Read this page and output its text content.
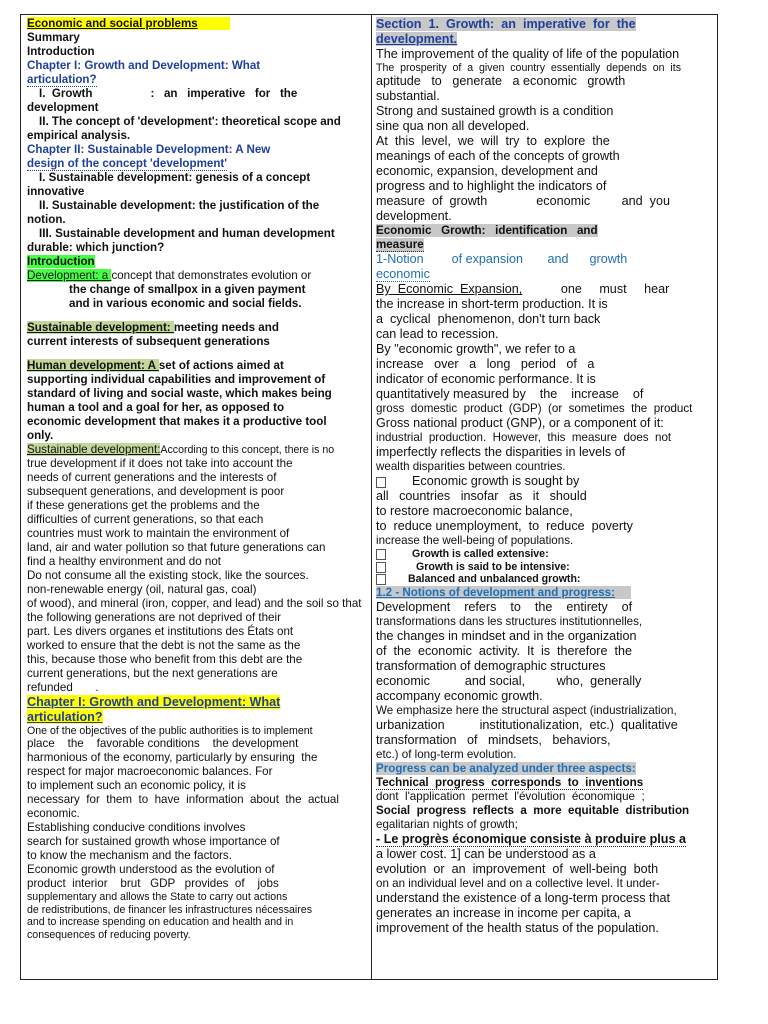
Economic and social problems

Summary

Introduction

Chapter I: Growth and Development: What

articulation?

I.  Growth	:   an   imperative   for   the

development

II. The concept of 'development': theoretical scope and

empirical analysis.

Chapter II: Sustainable Development: A New

design of the concept 'development'

I. Sustainable development: genesis of a concept

innovative

II. Sustainable development: the justification of the

notion.

III. Sustainable development and human development

durable: which junction?

Introduction

Development: a concept that demonstrates evolution or

the change of smallpox in a given payment

and in various economic and social fields.

Sustainable development: meeting needs and

current interests of subsequent generations

Human development: A set of actions aimed at

supporting individual capabilities and improvement of

standard of living and social waste, which makes being

human a tool and a goal for her, as opposed to

economic development that makes it a productive tool

only.

Sustainable development:According to this concept, there is no

true development if it does not take into account the

needs of current generations and the interests of

subsequent generations, and development is poor

if these generations get the problems and the

difficulties of current generations, so that each

countries must work to maintain the environment of

land, air and water pollution so that future generations can

find a healthy environment and do not

Do not consume all the existing stock, like the sources.

non-renewable energy (oil, natural gas, coal)

of wood), and mineral (iron, copper, and lead) and the soil so that

the following generations are not deprived of their

part. Les divers organes et institutions des États ont

worked to ensure that the debt is not the same as the

this, because those who benefit from this debt are the

current generations, but the next generations are

refunded       .

Chapter I: Growth and Development: What

articulation?

One of the objectives of the public authorities is to implement

place    the    favorable conditions    the development

harmonious of the economy, particularly by ensuring  the

respect for major macroeconomic balances. For

to implement such an economic policy, it is

necessary  for  them  to  have  information  about  the  actual

economic.

Establishing conducive conditions involves

search for sustained growth whose importance of

to know the mechanism and the factors.

Economic growth understood as the evolution of

product  interior    brut   GDP   provides  of    jobs

supplementary and allows the State to carry out actions

de redistributions, de financer les infrastructures nécessaires

and to increase spending on education and health and in

consequences of reducing poverty.

Section  1.  Growth:  an  imperative  for  the

development.

The improvement of the quality of life of the population

The  prosperity  of  a  given  country  essentially  depends  on  its

aptitude   to   generate   a economic   growth

substantial.

Strong and sustained growth is a condition

sine qua non all developed.

At  this  level,  we  will  try  to  explore  the

meanings of each of the concepts of growth

economic, expansion, development and

progress and to highlight the indicators of

measure  of  growth              economic         and  you

development.

Economic   Growth:   identification   and

measure

1-Notion        of expansion       and      growth

economic

By  Economic  Expansion,	one     must     hear

the increase in short-term production. It is

a  cyclical  phenomenon, don't turn back

can lead to recession.

By "economic growth", we refer to a

increase   over   a   long   period   of   a

indicator of economic performance. It is

quantitatively measured by    the    increase    of

gross  domestic  product  (GDP)  (or  sometimes  the  product

Gross national product (GNP), or a component of it:

industrial  production.  However,  this  measure  does  not

imperfectly reflects the disparities in levels of

wealth disparities between countries.

Economic growth is sought by

all   countries   insofar   as   it   should

to restore macroeconomic balance,

to  reduce unemployment,  to  reduce  poverty

increase the well-being of populations.

Growth is called extensive:

Growth is said to be intensive:

Balanced and unbalanced growth:

1.2 - Notions of development and progress:

Development    refers    to    the    entirety    of

transformations dans les structures institutionnelles,

the changes in mindset and in the organization

of  the  economic  activity.  It  is  therefore  the

transformation of demographic structures

economic          and social,         who,  generally

accompany economic growth.

We emphasize here the structural aspect (industrialization,

urbanization          institutionalization,  etc.)  qualitative

transformation   of   mindsets,   behaviors,

etc.) of long-term evolution.

Progress can be analyzed under three aspects:

Technical  progress  corresponds  to  inventions

dont  l'application  permet  l'évolution  économique  ;

Social  progress  reflects  a  more  equitable  distribution

egalitarian nights of growth;

- Le progrès économique consiste à produire plus a

a lower cost. 1] can be understood as a

evolution  or  an  improvement  of  well-being  both

on an individual level and on a collective level. It under-

understand the existence of a long-term process that

generates an increase in income per capita, a

improvement of the health status of the population.
